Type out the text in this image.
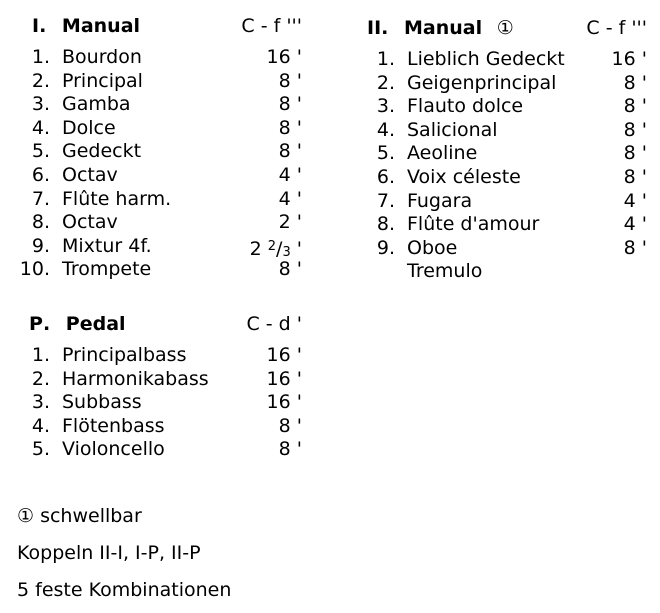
I. Manual	C - f '''
1. Bourdon	16 '
2. Principal	8 '
3. Gamba	8 '
4. Dolce	8 '
5. Gedeckt	8 '
6. Octav	4 '
7. Flûte harm.	4 '
8. Octav	2 '
9. Mixtur 4f.	2 $^2$/3 '
10. Trompete	8 '
II. Manual ①	C - f '''
1. Lieblich Gedeckt 16 '
2. Geigenprincipal	8 '
3. Flauto dolce	8 '
4. Salicional	8 '
5. Aeoline	8 '
6. Voix céleste	8 '
7. Fugara	4 '
8. Flûte d'amour	4 '
9. Oboe	8 '
Tremulo
P. Pedal	C - d '
1. Principalbass	16 '
2. Harmonikabass	16 '
3. Subbass	16 '
4. Flötenbass	8 '
5. Violoncello	8 '
① schwellbar
Koppeln II-I, I-P, II-P
5 feste Kombinationen
